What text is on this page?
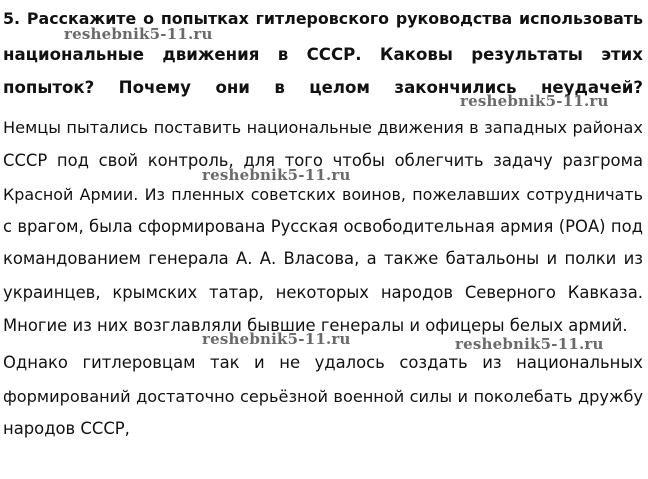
5. Расскажите о попытках гитлеровского руководства использовать
национальные движения в СССР. Каковы результаты этих
попыток? Почему они в целом закончились неудачей?
Немцы пытались поставить национальные движения в западных районах
СССР под свой контроль, для того чтобы облегчить задачу разгрома
Красной Армии. Из пленных советских воинов, пожелавших сотрудничать
с врагом, была сформирована Русская освободительная армия (РОА) под
командованием генерала А. А. Власова, а также батальоны и полки из
украинцев, крымских татар, некоторых народов Северного Кавказа.
Многие из них возглавляли бывшие генералы и офицеры белых армий.
Однако гитлеровцам так и не удалось создать из национальных
формирований достаточно серьёзной военной силы и поколебать дружбу
народов СССР,
reshebnik5-11.ru
reshebnik5-11.ru
reshebnik5-11.ru
reshebnik5-11.ru	reshebnik5-11.ru
